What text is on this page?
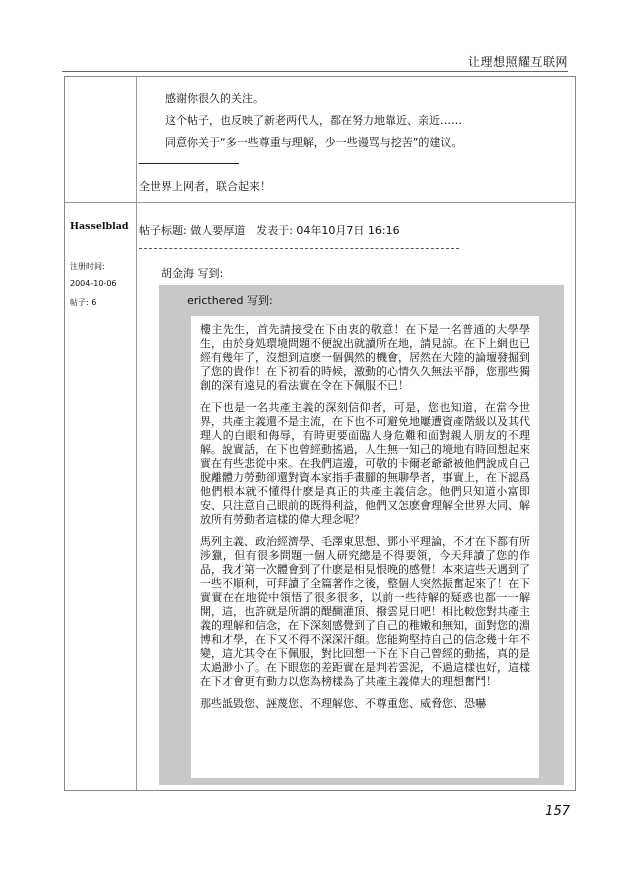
让理想照耀互联网
感谢你很久的关注。
这个帖子，也反映了新老两代人，都在努力地靠近、亲近……
同意你关于“多一些尊重与理解，少一些谩骂与挖苦”的建议。
全世界上网者，联合起来！
Hasselblad
注册时间:
2004-10-06
帖子: 6
帖子标题: 做人要厚道　发表于: 04年10月7日 16:16
胡金海 写到:
ericthered 写到:

樓主先生，首先請接受在下由衷的敬意！在下是一名普通的大學學生，由於身処環境問題不便說出就讀所在地，請見諒。在下上網也已經有幾年了，沒想到這麽一個偶然的機會，居然在大陸的論壇發掘到了您的貴作！在下初看的時候，激動的心情久久無法平靜，您那些獨創的深有遠見的看法實在令在下佩服不已！

在下也是一名共產主義的深刻信仰者，可是，您也知道，在當今世界，共產主義還不是主流，在下也不可避免地屢遭資產階級以及其代理人的白眼和侮辱，有時更要面臨人身危難和面對親人朋友的不理解。說實話，在下也曾經動搖過，人生無一知己的境地有時回想起來實在有些悲從中來。在我們這邊，可敬的卡爾老爺爺被他們說成自己脫離體力勞動卻還對資本家指手畫腳的無聊學者，事實上，在下認爲他們根本就不懂得什麽是真正的共產主義信念。他們只知道小富即安、只注意自己眼前的既得利益，他們又怎麽會理解全世界大同、解放所有勞動者這樣的偉大理念呢？

馬列主義、政治經濟學、毛澤東思想、鄧小平理論，不才在下都有所涉獵，但有很多問題一個人研究總是不得要領，今天拜讀了您的作品，我才第一次體會到了什麽是相見恨晚的感覺！本來這些天遇到了一些不順利，可拜讀了全篇著作之後，整個人突然振奮起來了！在下實實在在地從中領悟了很多很多，以前一些待解的疑惑也都一一解開，這，也許就是所謂的醍醐灌頂、撥雲見日吧！相比較您對共產主義的理解和信念，在下深刻感覺到了自己的稚嫩和無知，面對您的淵博和才學，在下又不得不深深汗顏。您能夠堅持自己的信念幾十年不變，這尤其令在下佩服，對比回想一下在下自己曾經的動搖，真的是太過渺小了。在下眼您的差距實在是判若雲泥，不過這樣也好，這樣在下才會更有動力以您為榜樣為了共產主義偉大的理想奮鬥！

那些詆毀您、誣蔑您、不理解您、不尊重您、威脅您、恐嚇

157
